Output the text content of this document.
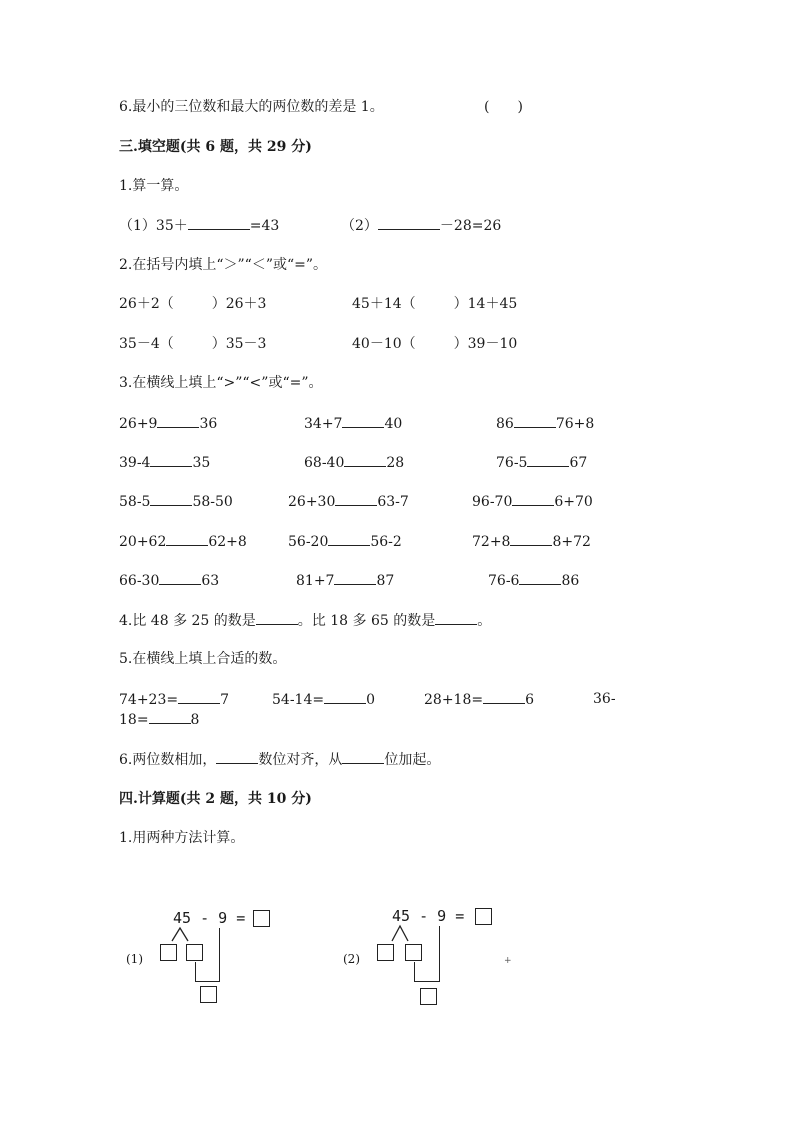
6.最小的三位数和最大的两位数的差是 1。	(　　)
三.填空题(共 6 题，共 29 分)
1.算一算。
（1）35＋	=43	（2）	－28=26
2.在括号内填上“＞”“＜”或“=”。
26＋2（	）26＋3	45＋14（	）14＋45
35－4（	）35－3	40－10（	）39－10
3.在横线上填上“>”“<”或“=”。
26+9	36	34+7	40	86	76+8
39-4	35	68-40	28	76-5	67
58-5	58-50	26+30	63-7	96-70	6+70
20+62	62+8	56-20	56-2	72+8	8+72
66-30	63	81+7	87	76-6	86
4.比 48 多 25 的数是	。比 18 多 65 的数是	。
5.在横线上填上合适的数。
74+23=	7	54-14=	0	28+18=	6	36-
18=	8
6.两位数相加，	数位对齐，从	位加起。
四.计算题(共 2 题，共 10 分)
1.用两种方法计算。
45 - 9 =
(1)
45 - 9 =
(2)	+
